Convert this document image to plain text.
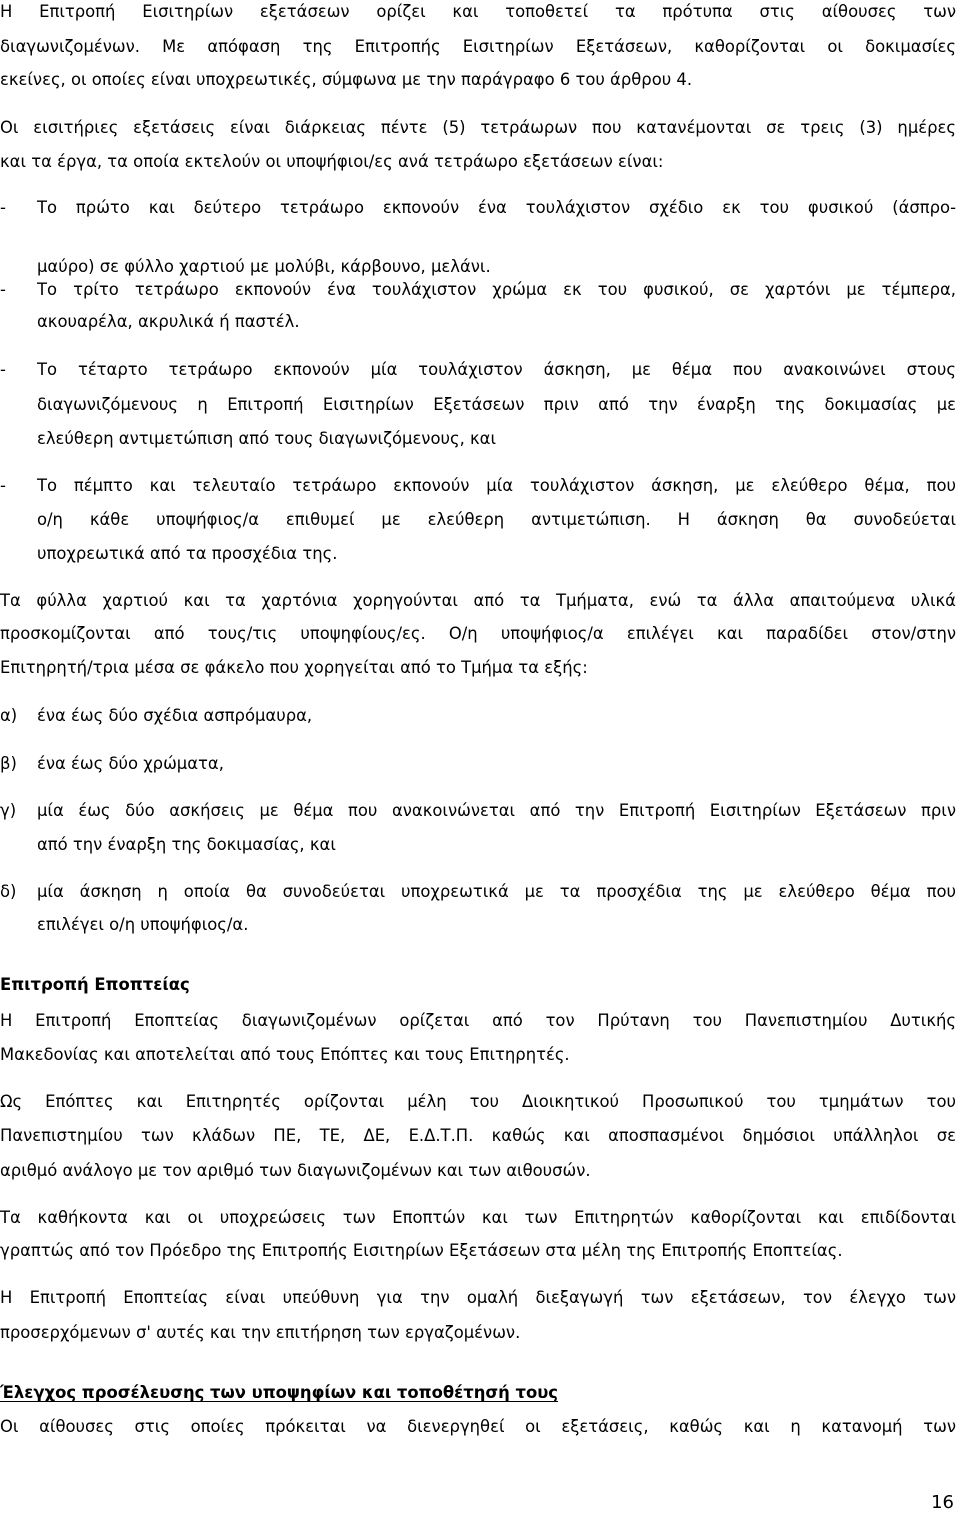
Η Επιτροπή Εισιτηρίων εξετάσεων ορίζει και τοποθετεί τα πρότυπα στις αίθουσες των
διαγωνιζομένων. Με απόφαση της Επιτροπής Εισιτηρίων Εξετάσεων, καθορίζονται οι δοκιμασίες
εκείνες, οι οποίες είναι υποχρεωτικές, σύμφωνα με την παράγραφο 6 του άρθρου 4.
Οι εισιτήριες εξετάσεις είναι διάρκειας πέντε (5) τετράωρων που κατανέμονται σε τρεις (3) ημέρες
και τα έργα, τα οποία εκτελούν οι υποψήφιοι/ες ανά τετράωρο εξετάσεων είναι:
- Το πρώτο και δεύτερο τετράωρο εκπονούν ένα τουλάχιστον σχέδιο εκ του φυσικού (άσπρο-
μαύρο) σε φύλλο χαρτιού με μολύβι, κάρβουνο, μελάνι.
- Το τρίτο τετράωρο εκπονούν ένα τουλάχιστον χρώμα εκ του φυσικού, σε χαρτόνι με τέμπερα,
ακουαρέλα, ακρυλικά ή παστέλ.
- Το τέταρτο τετράωρο εκπονούν μία τουλάχιστον άσκηση, με θέμα που ανακοινώνει στους
διαγωνιζόμενους η Επιτροπή Εισιτηρίων Εξετάσεων πριν από την έναρξη της δοκιμασίας με
ελεύθερη αντιμετώπιση από τους διαγωνιζόμενους, και
- Το πέμπτο και τελευταίο τετράωρο εκπονούν μία τουλάχιστον άσκηση, με ελεύθερο θέμα, που
ο/η κάθε υποψήφιος/α επιθυμεί με ελεύθερη αντιμετώπιση. Η άσκηση θα συνοδεύεται
υποχρεωτικά από τα προσχέδια της.
Τα φύλλα χαρτιού και τα χαρτόνια χορηγούνται από τα Τμήματα, ενώ τα άλλα απαιτούμενα υλικά
προσκομίζονται από τους/τις υποψηφίους/ες. Ο/η υποψήφιος/α επιλέγει και παραδίδει στον/στην
Επιτηρητή/τρια μέσα σε φάκελο που χορηγείται από το Τμήμα τα εξής:
α) ένα έως δύο σχέδια ασπρόμαυρα,
β) ένα έως δύο χρώματα,
γ) μία έως δύο ασκήσεις με θέμα που ανακοινώνεται από την Επιτροπή Εισιτηρίων Εξετάσεων πριν
από την έναρξη της δοκιμασίας, και
δ) μία άσκηση η οποία θα συνοδεύεται υποχρεωτικά με τα προσχέδια της με ελεύθερο θέμα που
επιλέγει ο/η υποψήφιος/α.
Επιτροπή Εποπτείας
Η Επιτροπή Εποπτείας διαγωνιζομένων ορίζεται από τον Πρύτανη του Πανεπιστημίου Δυτικής
Μακεδονίας και αποτελείται από τους Επόπτες και τους Επιτηρητές.
Ως Επόπτες και Επιτηρητές ορίζονται μέλη του Διοικητικού Προσωπικού του τμημάτων του
Πανεπιστημίου των κλάδων ΠΕ, ΤΕ, ΔΕ, Ε.Δ.Τ.Π. καθώς και αποσπασμένοι δημόσιοι υπάλληλοι σε
αριθμό ανάλογο με τον αριθμό των διαγωνιζομένων και των αιθουσών.
Τα καθήκοντα και οι υποχρεώσεις των Εποπτών και των Επιτηρητών καθορίζονται και επιδίδονται
γραπτώς από τον Πρόεδρο της Επιτροπής Εισιτηρίων Εξετάσεων στα μέλη της Επιτροπής Εποπτείας.
Η Επιτροπή Εποπτείας είναι υπεύθυνη για την ομαλή διεξαγωγή των εξετάσεων, τον έλεγχο των
προσερχόμενων σ' αυτές και την επιτήρηση των εργαζομένων.
Έλεγχος προσέλευσης των υποψηφίων και τοποθέτησή τους
Οι αίθουσες στις οποίες πρόκειται να διενεργηθεί οι εξετάσεις, καθώς και η κατανομή των
16
